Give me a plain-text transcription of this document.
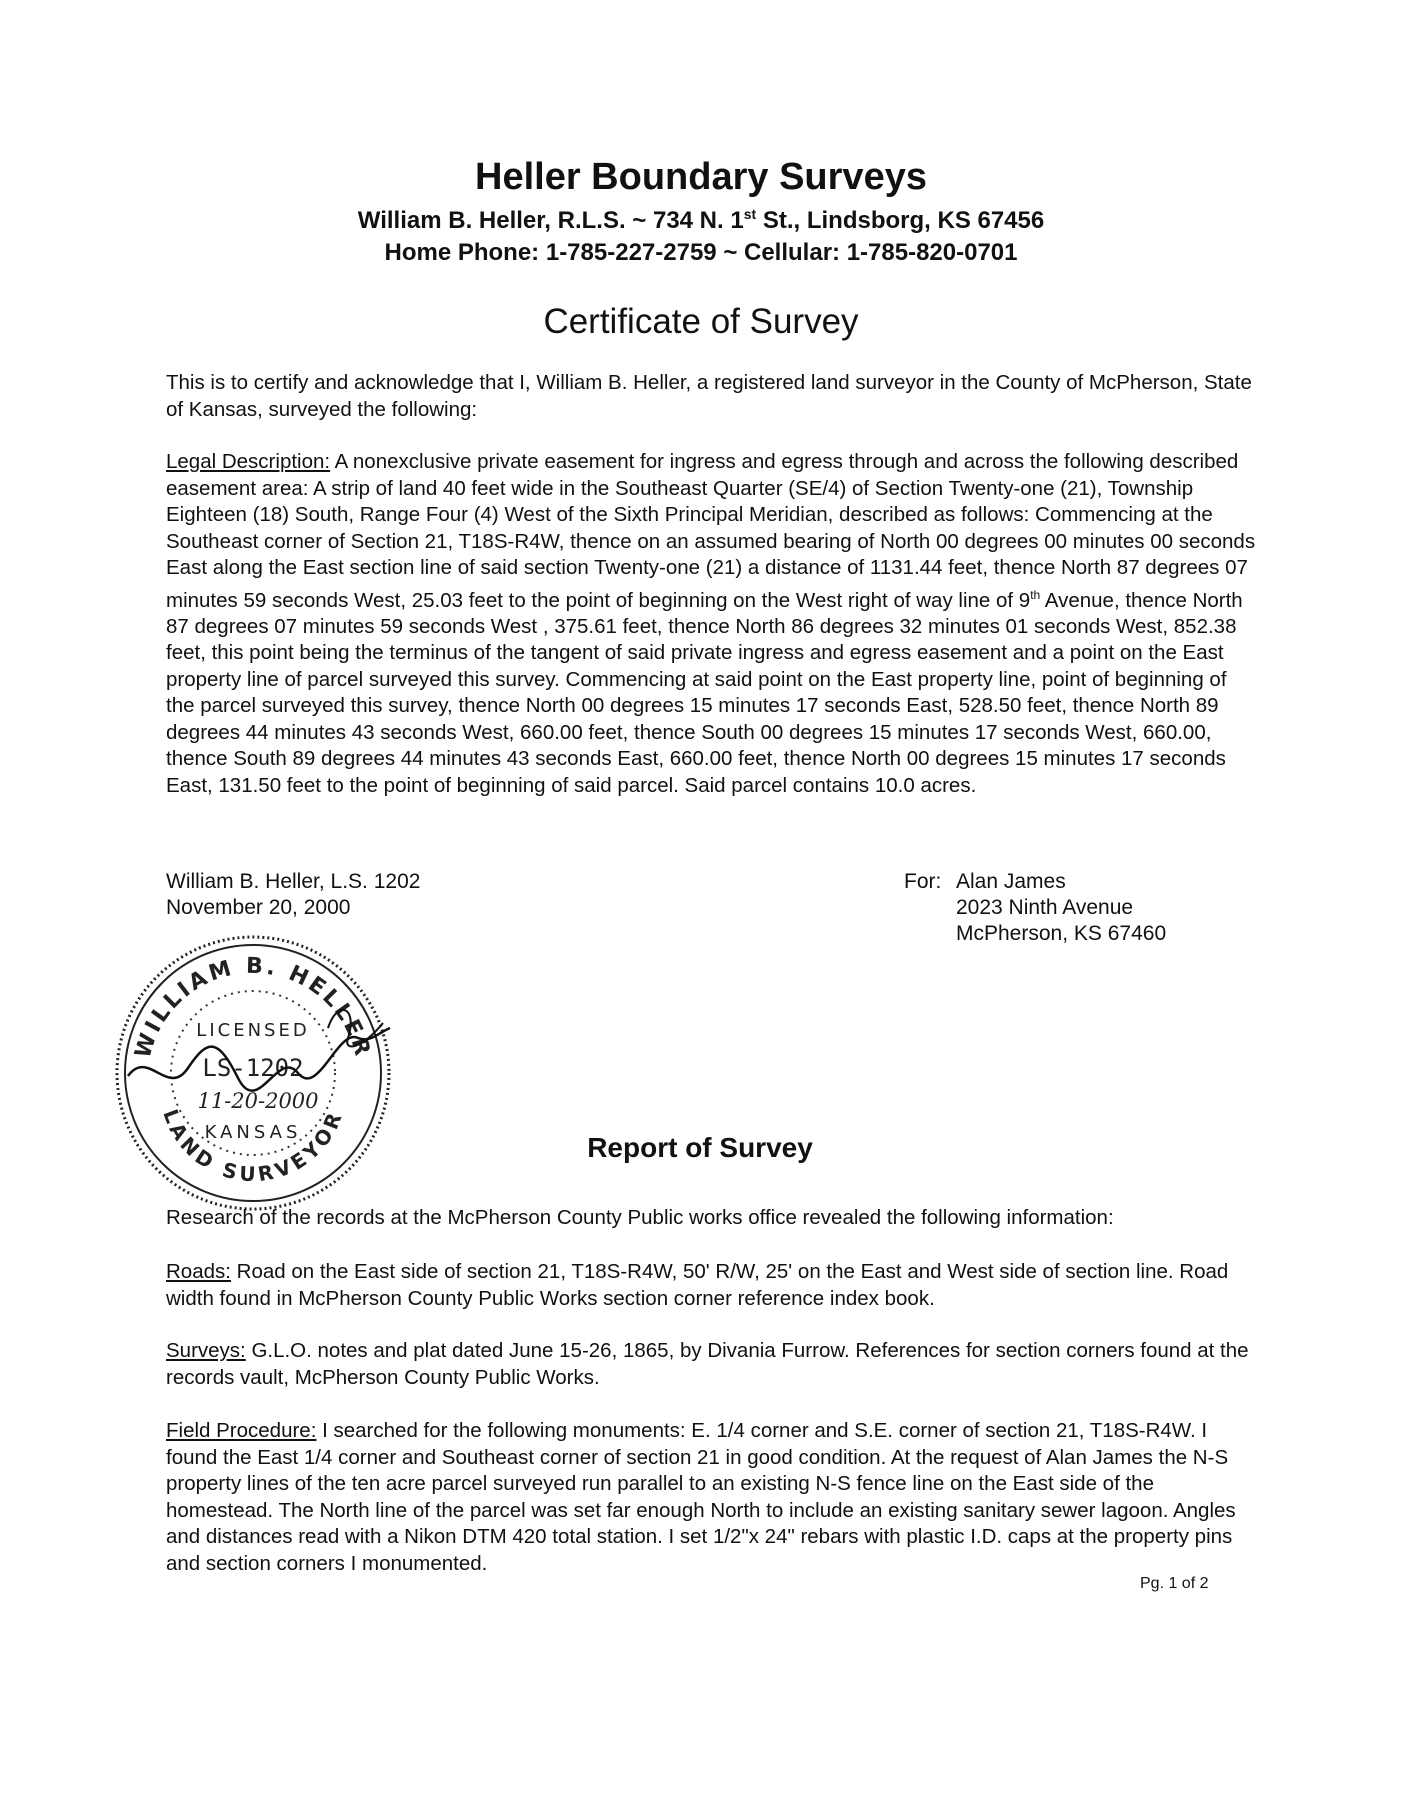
Heller Boundary Surveys
William B. Heller, R.L.S. ~ 734 N. 1st St., Lindsborg, KS 67456
Home Phone: 1-785-227-2759 ~ Cellular: 1-785-820-0701
Certificate of Survey
This is to certify and acknowledge that I, William B. Heller, a registered land surveyor in the County of McPherson, State of Kansas, surveyed the following:
Legal Description: A nonexclusive private easement for ingress and egress through and across the following described easement area: A strip of land 40 feet wide in the Southeast Quarter (SE/4) of Section Twenty-one (21), Township Eighteen (18) South, Range Four (4) West of the Sixth Principal Meridian, described as follows: Commencing at the Southeast corner of Section 21, T18S-R4W, thence on an assumed bearing of North 00 degrees 00 minutes 00 seconds East along the East section line of said section Twenty-one (21) a distance of 1131.44 feet, thence North 87 degrees 07 minutes 59 seconds West, 25.03 feet to the point of beginning on the West right of way line of 9th Avenue, thence North 87 degrees 07 minutes 59 seconds West , 375.61 feet, thence North 86 degrees 32 minutes 01 seconds West, 852.38 feet, this point being the terminus of the tangent of said private ingress and egress easement and a point on the East property line of parcel surveyed this survey. Commencing at said point on the East property line, point of beginning of the parcel surveyed this survey, thence North 00 degrees 15 minutes 17 seconds East, 528.50 feet, thence North 89 degrees 44 minutes 43 seconds West, 660.00 feet, thence South 00 degrees 15 minutes 17 seconds West, 660.00, thence South 89 degrees 44 minutes 43 seconds East, 660.00 feet, thence North 00 degrees 15 minutes 17 seconds East, 131.50 feet to the point of beginning of said parcel. Said parcel contains 10.0 acres.
William B. Heller, L.S. 1202
November 20, 2000
For: Alan James
2023 Ninth Avenue
McPherson, KS 67460
WILLIAM B. HELLER
LAND SURVEYOR
LICENSED
LS-1202
11-20-2000
KANSAS	Report of Survey
Research of the records at the McPherson County Public works office revealed the following information:
Roads: Road on the East side of section 21, T18S-R4W, 50' R/W, 25' on the East and West side of section line. Road width found in McPherson County Public Works section corner reference index book.
Surveys: G.L.O. notes and plat dated June 15-26, 1865, by Divania Furrow. References for section corners found at the records vault, McPherson County Public Works.
Field Procedure: I searched for the following monuments: E. 1/4 corner and S.E. corner of section 21, T18S-R4W. I found the East 1/4 corner and Southeast corner of section 21 in good condition. At the request of Alan James the N-S property lines of the ten acre parcel surveyed run parallel to an existing N-S fence line on the East side of the homestead. The North line of the parcel was set far enough North to include an existing sanitary sewer lagoon. Angles and distances read with a Nikon DTM 420 total station. I set 1/2"x 24" rebars with plastic I.D. caps at the property pins and section corners I monumented.
Pg. 1 of 2
